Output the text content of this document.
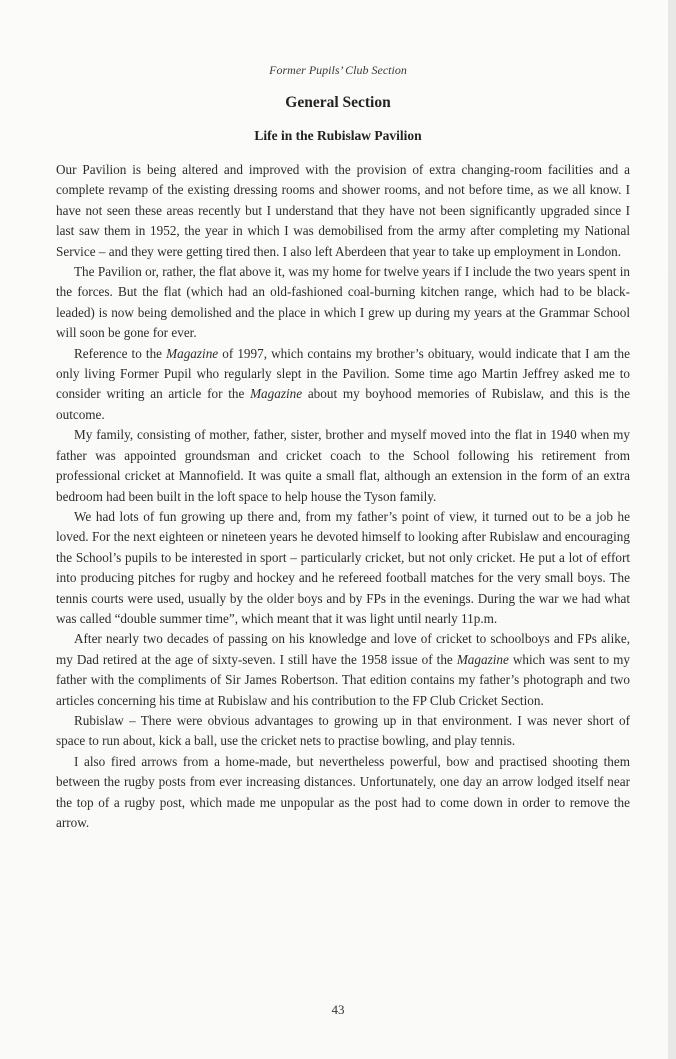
Former Pupils’ Club Section
General Section
Life in the Rubislaw Pavilion

Our Pavilion is being altered and improved with the provision of extra changing-room facilities and a complete revamp of the existing dressing rooms and shower rooms, and not before time, as we all know. I have not seen these areas recently but I understand that they have not been significantly upgraded since I last saw them in 1952, the year in which I was demobilised from the army after completing my National Service – and they were getting tired then. I also left Aberdeen that year to take up employment in London.

The Pavilion or, rather, the flat above it, was my home for twelve years if I include the two years spent in the forces. But the flat (which had an old-fashioned coal-burning kitchen range, which had to be black-leaded) is now being demolished and the place in which I grew up during my years at the Grammar School will soon be gone for ever.

Reference to the Magazine of 1997, which contains my brother’s obituary, would indicate that I am the only living Former Pupil who regularly slept in the Pavilion. Some time ago Martin Jeffrey asked me to consider writing an article for the Magazine about my boyhood memories of Rubislaw, and this is the outcome.

My family, consisting of mother, father, sister, brother and myself moved into the flat in 1940 when my father was appointed groundsman and cricket coach to the School following his retirement from professional cricket at Mannofield. It was quite a small flat, although an extension in the form of an extra bedroom had been built in the loft space to help house the Tyson family.

We had lots of fun growing up there and, from my father’s point of view, it turned out to be a job he loved. For the next eighteen or nineteen years he devoted himself to looking after Rubislaw and encouraging the School’s pupils to be interested in sport – particularly cricket, but not only cricket. He put a lot of effort into producing pitches for rugby and hockey and he refereed football matches for the very small boys. The tennis courts were used, usually by the older boys and by FPs in the evenings. During the war we had what was called “double summer time”, which meant that it was light until nearly 11p.m.

After nearly two decades of passing on his knowledge and love of cricket to schoolboys and FPs alike, my Dad retired at the age of sixty-seven. I still have the 1958 issue of the Magazine which was sent to my father with the compliments of Sir James Robertson. That edition contains my father’s photograph and two articles concerning his time at Rubislaw and his contribution to the FP Club Cricket Section.

Rubislaw – There were obvious advantages to growing up in that environment. I was never short of space to run about, kick a ball, use the cricket nets to practise bowling, and play tennis.

I also fired arrows from a home-made, but nevertheless powerful, bow and practised shooting them between the rugby posts from ever increasing distances. Unfortunately, one day an arrow lodged itself near the top of a rugby post, which made me unpopular as the post had to come down in order to remove the arrow.

43
